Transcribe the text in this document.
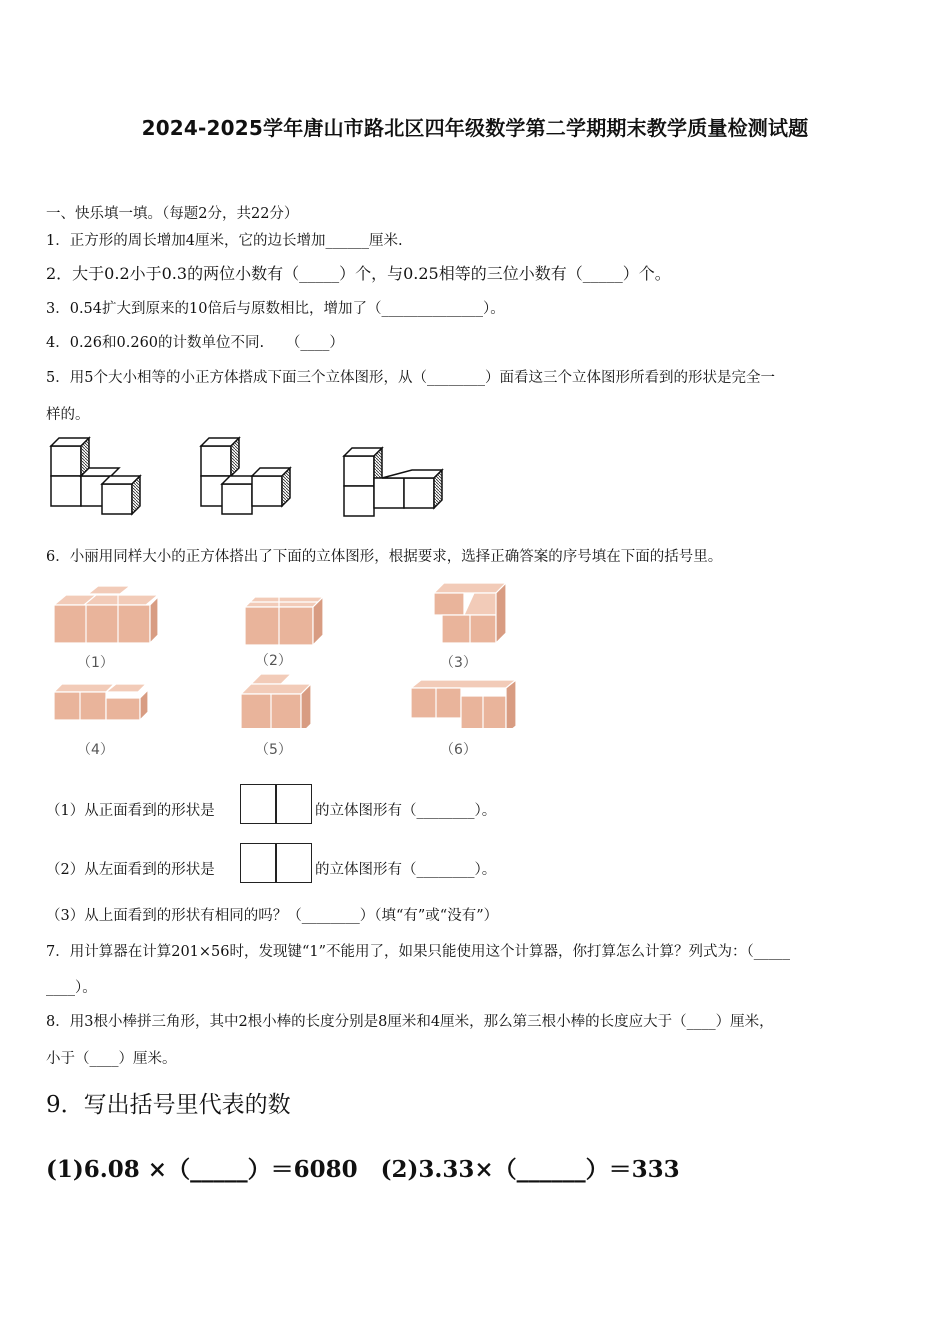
2024-2025学年唐山市路北区四年级数学第二学期期末教学质量检测试题
一、快乐填一填。（每题2分，共22分）
1．正方形的周长增加4厘米，它的边长增加______厘米.
2．大于0.2小于0.3的两位小数有（_____）个，与0.25相等的三位小数有（_____）个。
3．0.54扩大到原来的10倍后与原数相比，增加了（______________）。
4．0.26和0.260的计数单位不同.　　（____）
5．用5个大小相等的小正方体搭成下面三个立体图形，从（________）面看这三个立体图形所看到的形状是完全一
样的。
6．小丽用同样大小的正方体搭出了下面的立体图形，根据要求，选择正确答案的序号填在下面的括号里。
（1）	（2）	（3）
（4）	（5）	（6）
（1）从正面看到的形状是	的立体图形有（________）。
（2）从左面看到的形状是	的立体图形有（________）。
（3）从上面看到的形状有相同的吗？（________）（填“有”或“没有”）
7．用计算器在计算201×56时，发现键“1”不能用了，如果只能使用这个计算器，你打算怎么计算？列式为：（_____
____）。
8．用3根小棒拼三角形，其中2根小棒的长度分别是8厘米和4厘米，那么第三根小棒的长度应大于（____）厘米，
小于（____）厘米。
9．写出括号里代表的数
(1)6.08 ×（_____）＝6080　(2)3.33×（______）＝333
